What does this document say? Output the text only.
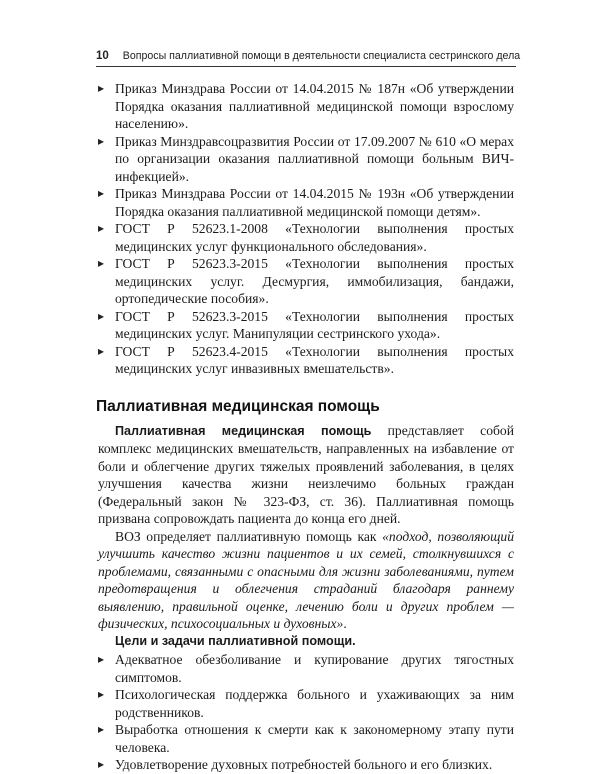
10 Вопросы паллиативной помощи в деятельности специалиста сестринского дела
▸ Приказ Минздрава России от 14.04.2015 № 187н «Об утверждении Порядка оказания паллиативной медицинской помощи взрослому населению».
▸ Приказ Минздравсоцразвития России от 17.09.2007 № 610 «О мерах по организации оказания паллиативной помощи больным ВИЧ-инфекцией».
▸ Приказ Минздрава России от 14.04.2015 № 193н «Об утверждении Порядка оказания паллиативной медицинской помощи детям».
▸ ГОСТ Р 52623.1-2008 «Технологии выполнения простых медицинских услуг функционального обследования».
▸ ГОСТ Р 52623.3-2015 «Технологии выполнения простых медицинских услуг. Десмургия, иммобилизация, бандажи, ортопедические пособия».
▸ ГОСТ Р 52623.3-2015 «Технологии выполнения простых медицинских услуг. Манипуляции сестринского ухода».
▸ ГОСТ Р 52623.4-2015 «Технологии выполнения простых медицинских услуг инвазивных вмешательств».
Паллиативная медицинская помощь

Паллиативная медицинская помощь представляет собой комплекс медицинских вмешательств, направленных на избавление от боли и облегчение других тяжелых проявлений заболевания, в целях улучшения качества жизни неизлечимо больных граждан (Федеральный закон № 323-ФЗ, ст. 36). Паллиативная помощь призвана сопровождать пациента до конца его дней.

ВОЗ определяет паллиативную помощь как «подход, позволяющий улучшить качество жизни пациентов и их семей, столкнувшихся с проблемами, связанными с опасными для жизни заболеваниями, путем предотвращения и облегчения страданий благодаря раннему выявлению, правильной оценке, лечению боли и других проблем — физических, психосоциальных и духовных».

Цели и задачи паллиативной помощи.
▸ Адекватное обезболивание и купирование других тягостных симптомов.
▸ Психологическая поддержка больного и ухаживающих за ним родственников.
▸ Выработка отношения к смерти как к закономерному этапу пути человека.
▸ Удовлетворение духовных потребностей больного и его близких.
